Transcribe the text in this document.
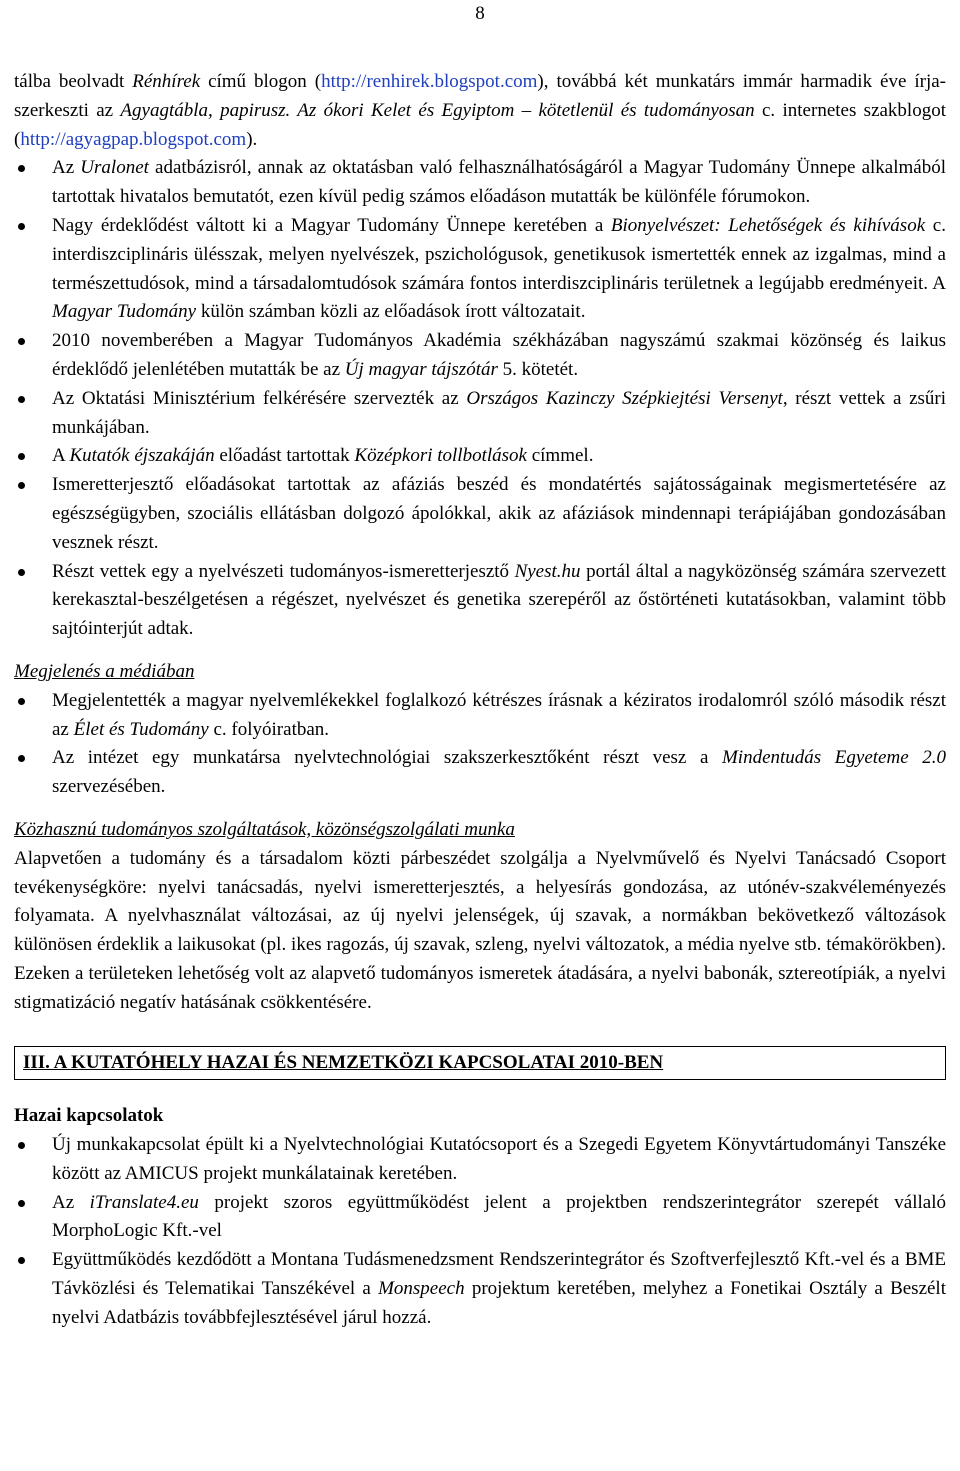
8
tálba beolvadt Rénhírek című blogon (http://renhirek.blogspot.com), továbbá két munkatárs immár harmadik éve írja-szerkeszti az Agyagtábla, papirusz. Az ókori Kelet és Egyiptom – kötetlenül és tudományosan c. internetes szakblogot (http://agyagpap.blogspot.com).
Az Uralonet adatbázisról, annak az oktatásban való felhasználhatóságáról a Magyar Tudomány Ünnepe alkalmából tartottak hivatalos bemutatót, ezen kívül pedig számos előadáson mutatták be különféle fórumokon.
Nagy érdeklődést váltott ki a Magyar Tudomány Ünnepe keretében a Bionyelvészet: Lehetőségek és kihívások c. interdiszciplináris ülésszak, melyen nyelvészek, pszichológusok, genetikusok ismertették ennek az izgalmas, mind a természettudósok, mind a társadalomtudósok számára fontos interdiszciplináris területnek a legújabb eredményeit. A Magyar Tudomány külön számban közli az előadások írott változatait.
2010 novemberében a Magyar Tudományos Akadémia székházában nagyszámú szakmai közönség és laikus érdeklődő jelenlétében mutatták be az Új magyar tájszótár 5. kötetét.
Az Oktatási Minisztérium felkérésére szervezték az Országos Kazinczy Szépkiejtési Versenyt, részt vettek a zsűri munkájában.
A Kutatók éjszakáján előadást tartottak Középkori tollbotlások címmel.
Ismeretterjesztő előadásokat tartottak az afáziás beszéd és mondatértés sajátosságainak megismertetésére az egészségügyben, szociális ellátásban dolgozó ápolókkal, akik az afáziások mindennapi terápiájában gondozásában vesznek részt.
Részt vettek egy a nyelvészeti tudományos-ismeretterjesztő Nyest.hu portál által a nagyközönség számára szervezett kerekasztal-beszélgetésen a régészet, nyelvészet és genetika szerepéről az őstörténeti kutatásokban, valamint több sajtóinterjút adtak.
Megjelenés a médiában
Megjelentették a magyar nyelvemlékekkel foglalkozó kétrészes írásnak a kéziratos irodalomról szóló második részt az Élet és Tudomány c. folyóiratban.
Az intézet egy munkatársa nyelvtechnológiai szakszerkesztőként részt vesz a Mindentudás Egyeteme 2.0 szervezésében.
Közhasznú tudományos szolgáltatások, közönségszolgálati munka

Alapvetően a tudomány és a társadalom közti párbeszédet szolgálja a Nyelvművelő és Nyelvi Tanácsadó Csoport tevékenységköre: nyelvi tanácsadás, nyelvi ismeretterjesztés, a helyesírás gondozása, az utónév-szakvéleményezés folyamata. A nyelvhasználat változásai, az új nyelvi jelenségek, új szavak, a normákban bekövetkező változások különösen érdeklik a laikusokat (pl. ikes ragozás, új szavak, szleng, nyelvi változatok, a média nyelve stb. témakörökben). Ezeken a területeken lehetőség volt az alapvető tudományos ismeretek átadására, a nyelvi babonák, sztereotípiák, a nyelvi stigmatizáció negatív hatásának csökkentésére.

III. A KUTATÓHELY HAZAI ÉS NEMZETKÖZI KAPCSOLATAI 2010-BEN
Hazai kapcsolatok
Új munkakapcsolat épült ki a Nyelvtechnológiai Kutatócsoport és a Szegedi Egyetem Könyvtártudományi Tanszéke között az AMICUS projekt munkálatainak keretében.
Az iTranslate4.eu projekt szoros együttműködést jelent a projektben rendszerintegrátor szerepét vállaló MorphoLogic Kft.-vel
Együttműködés kezdődött a Montana Tudásmenedzsment Rendszerintegrátor és Szoftverfejlesztő Kft.-vel és a BME Távközlési és Telematikai Tanszékével a Monspeech projektum keretében, melyhez a Fonetikai Osztály a Beszélt nyelvi Adatbázis továbbfejlesztésével járul hozzá.
